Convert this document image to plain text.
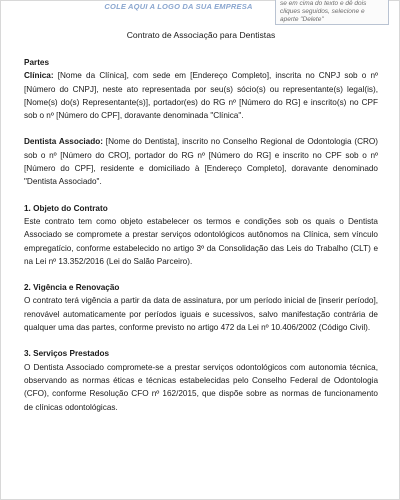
COLE AQUI A LOGO DA SUA EMPRESA	se em cima do texto e dê dois cliques seguidos, selecione e aperte "Delete"
Contrato de Associação para Dentistas

Partes

Clínica: [Nome da Clínica], com sede em [Endereço Completo], inscrita no CNPJ sob o nº [Número do CNPJ], neste ato representada por seu(s) sócio(s) ou representante(s) legal(is), [Nome(s) do(s) Representante(s)], portador(es) do RG nº [Número do RG] e inscrito(s) no CPF sob o nº [Número do CPF], doravante denominada "Clínica".

Dentista Associado: [Nome do Dentista], inscrito no Conselho Regional de Odontologia (CRO) sob o nº [Número do CRO], portador do RG nº [Número do RG] e inscrito no CPF sob o nº [Número do CPF], residente e domiciliado à [Endereço Completo], doravante denominado "Dentista Associado".

1. Objeto do Contrato

Este contrato tem como objeto estabelecer os termos e condições sob os quais o Dentista Associado se compromete a prestar serviços odontológicos autônomos na Clínica, sem vínculo empregatício, conforme estabelecido no artigo 3º da Consolidação das Leis do Trabalho (CLT) e na Lei nº 13.352/2016 (Lei do Salão Parceiro).

2. Vigência e Renovação

O contrato terá vigência a partir da data de assinatura, por um período inicial de [inserir período], renovável automaticamente por períodos iguais e sucessivos, salvo manifestação contrária de qualquer uma das partes, conforme previsto no artigo 472 da Lei nº 10.406/2002 (Código Civil).

3. Serviços Prestados

O Dentista Associado compromete-se a prestar serviços odontológicos com autonomia técnica, observando as normas éticas e técnicas estabelecidas pelo Conselho Federal de Odontologia (CFO), conforme Resolução CFO nº 162/2015, que dispõe sobre as normas de funcionamento de clínicas odontológicas.
